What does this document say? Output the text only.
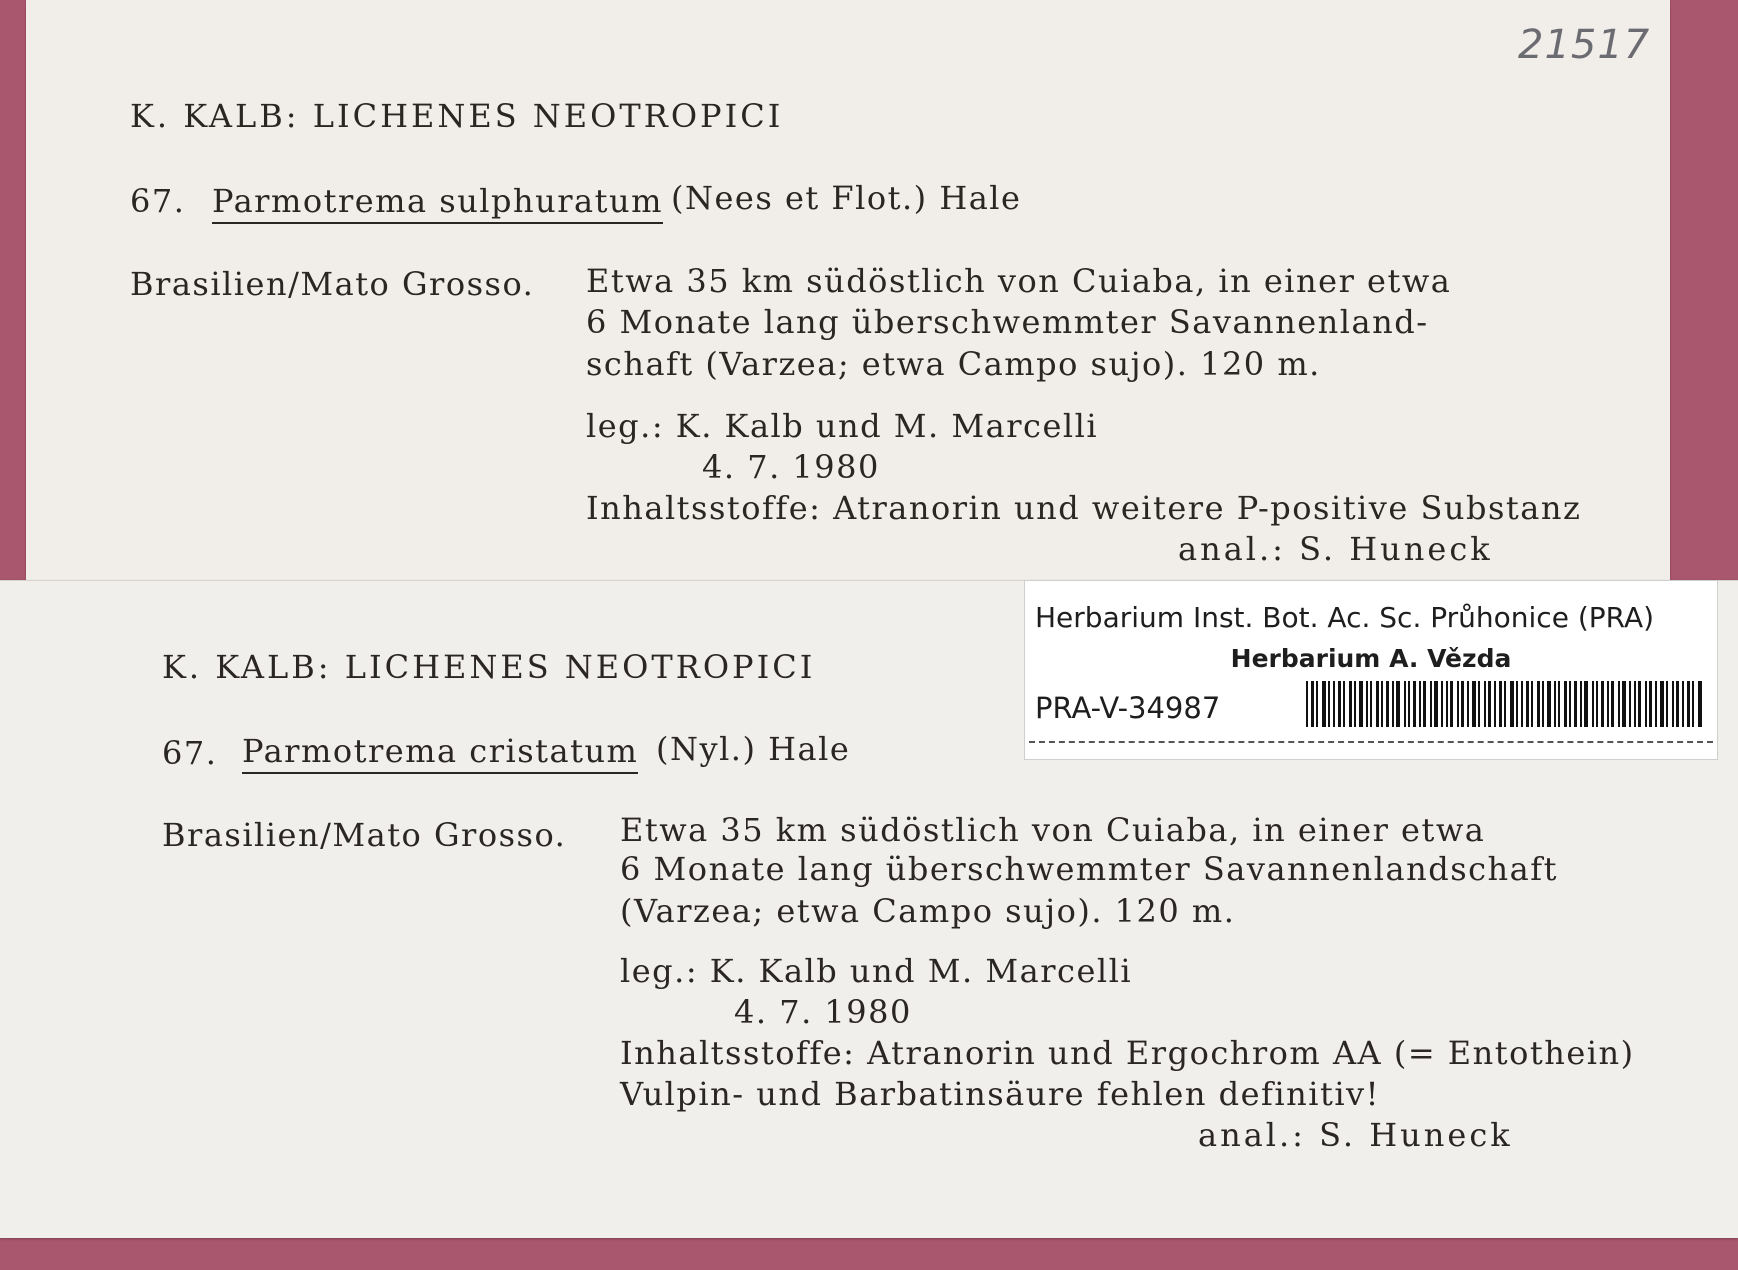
K. KALB: LICHENES NEOTROPICI
67. Parmotrema sulphuratum (Nees et Flot.) Hale
Brasilien/Mato Grosso. Etwa 35 km südöstlich von Cuiaba, in einer etwa
6 Monate lang überschwemmter Savannenland-
schaft (Varzea; etwa Campo sujo). 120 m.
leg.: K. Kalb und M. Marcelli
4. 7. 1980
Inhaltsstoffe: Atranorin und weitere P-positive Substanz
anal.: S. Huneck
21517
K. KALB: LICHENES NEOTROPICI
67. Parmotrema cristatum (Nyl.) Hale
Brasilien/Mato Grosso. Etwa 35 km südöstlich von Cuiaba, in einer etwa
6 Monate lang überschwemmter Savannenlandschaft
(Varzea; etwa Campo sujo). 120 m.
leg.: K. Kalb und M. Marcelli
4. 7. 1980
Inhaltsstoffe: Atranorin und Ergochrom AA (= Entothein)
Vulpin- und Barbatinsäure fehlen definitiv!
anal.: S. Huneck
Herbarium Inst. Bot. Ac. Sc. Průhonice (PRA)
Herbarium A. Vězda
PRA-V-34987
